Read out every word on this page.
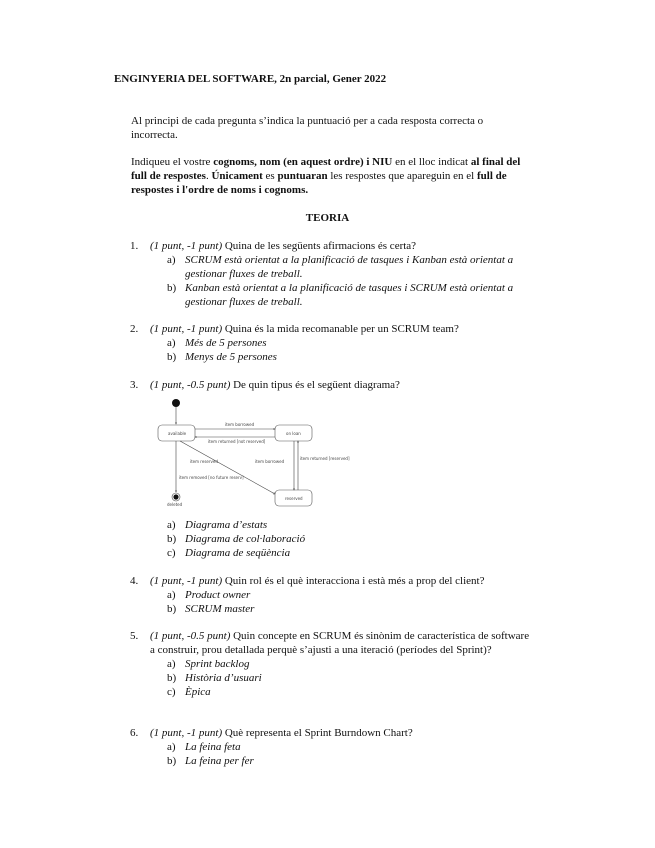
ENGINYERIA DEL SOFTWARE, 2n parcial, Gener 2022
Al principi de cada pregunta s’indica la puntuació per a cada resposta correcta o incorrecta.
Indiqueu el vostre cognoms, nom (en aquest ordre) i NIU en el lloc indicat al final del full de respostes. Únicament es puntuaran les respostes que apareguin en el full de respostes i l'ordre de noms i cognoms.
TEORIA
1. (1 punt, -1 punt) Quina de les següents afirmacions és certa?
a) SCRUM està orientat a la planificació de tasques i Kanban està orientat a gestionar fluxes de treball.
b) Kanban està orientat a la planificació de tasques i SCRUM està orientat a gestionar fluxes de treball.
2. (1 punt, -1 punt) Quina és la mida recomanable per un SCRUM team?
a) Més de 5 persones
b) Menys de 5 persones
3. (1 punt, -0.5 punt) De quin tipus és el següent diagrama?
available	on loan
reserved
deleted
item borrowed
item returned [not reserved]
item reserved	item borrowed
item returned [reserved]
item removed [no future reserv]
a) Diagrama d’estats
b) Diagrama de col·laboració
c) Diagrama de seqüència
4. (1 punt, -1 punt) Quin rol és el què interacciona i està més a prop del client?
a) Product owner
b) SCRUM master
5. (1 punt, -0.5 punt) Quin concepte en SCRUM és sinònim de característica de software a construir, prou detallada perquè s’ajusti a una iteració (períodes del Sprint)?
a) Sprint backlog
b) Història d’usuari
c) Èpica
6. (1 punt, -1 punt) Què representa el Sprint Burndown Chart?
a) La feina feta
b) La feina per fer
